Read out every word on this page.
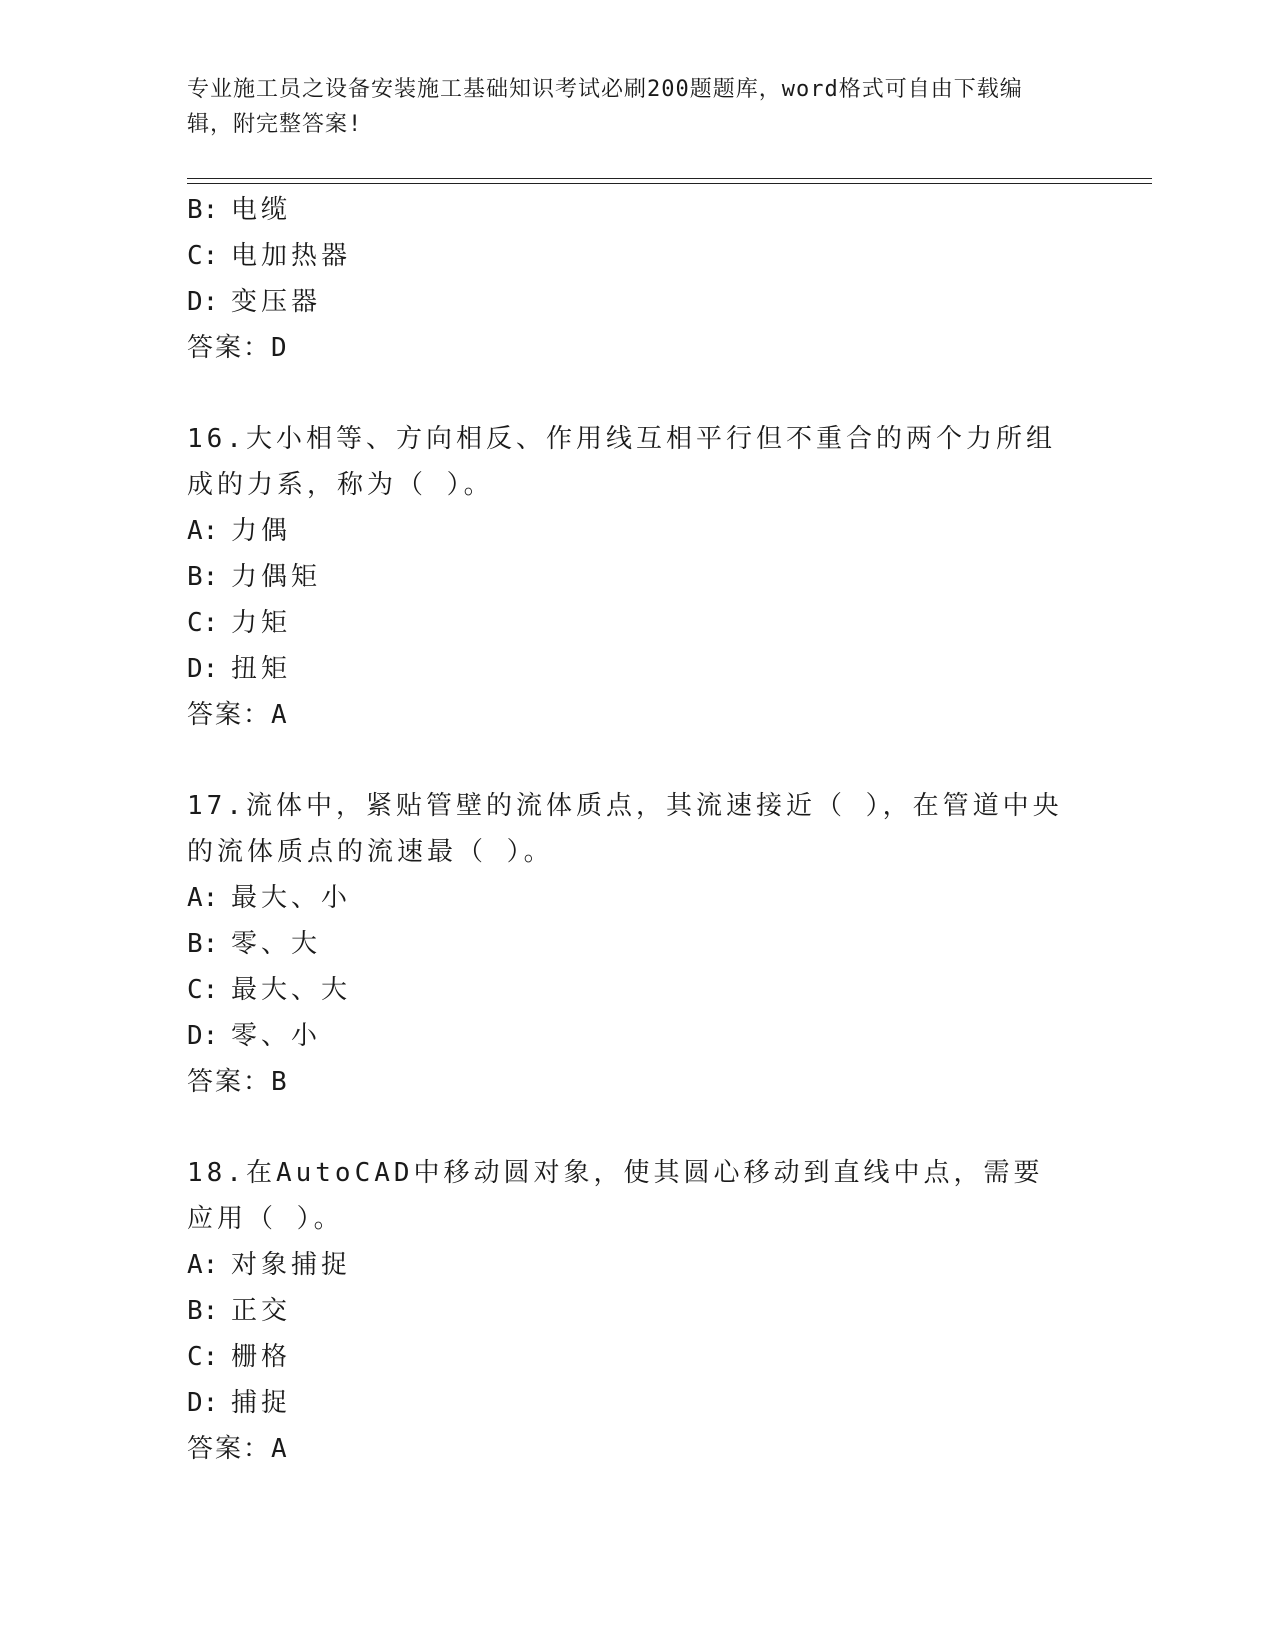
专业施工员之设备安装施工基础知识考试必刷200题题库，word格式可自由下载编辑，附完整答案!
B: 电缆
C: 电加热器
D: 变压器
答案：D
16.大小相等、方向相反、作用线互相平行但不重合的两个力所组成的力系，称为（ ）。
A: 力偶
B: 力偶矩
C: 力矩
D: 扭矩
答案：A
17.流体中，紧贴管壁的流体质点，其流速接近（ ），在管道中央的流体质点的流速最（ ）。
A: 最大、小
B: 零、大
C: 最大、大
D: 零、小
答案：B
18.在AutoCAD中移动圆对象，使其圆心移动到直线中点，需要应用（ ）。
A: 对象捕捉
B: 正交
C: 栅格
D: 捕捉
答案：A
